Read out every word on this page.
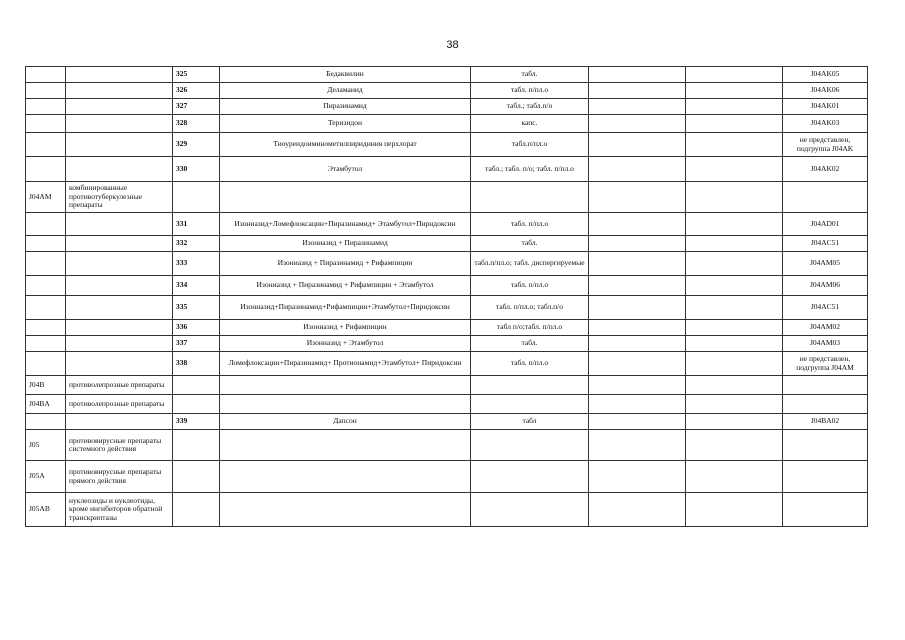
38
		325	Бедаквилин	табл.			J04AK05
		326	Деламанид	табл. п/пл.о			J04AK06
		327	Пиразинамид	табл.; табл.п/о			J04AK01
		328	Теризидон	капс.			J04AK03
		329	Тиоуреидоиминометилпиридиния перхлорат	табл.п/пл.о			не представлен, подгруппа J04AK
		330	Этамбутол	табл.; табл. п/о; табл. п/пл.о			J04AK02
J04AM	комбинированные противотуберкулезные препараты						
		331	Изониазид+Ломефлоксацин+Пиразинамид+ Этамбутол+Пиридоксин	табл. п/пл.о			J04AD01
		332	Изониазид + Пиразинамид	табл.			J04AC51
		333	Изониазид + Пиразинамид + Рифампицин	табл.п/пл.о; табл. диспергируемые			J04AM05
		334	Изониазид + Пиразинамид + Рифампицин + Этамбутол	табл. п/пл.о			J04AM06
		335	Изониазид+Пиразинамид+Рифампицин+Этамбутол+Пиридоксин	табл. п/пл.о; табл.п/о			J04AC51
		336	Изониазид + Рифампицин	табл п/о;табл. п/пл.о			J04AM02
		337	Изониазид + Этамбутол	табл.			J04AM03
		338	Ломефлоксацин+Пиразинамид+ Протионамид+Этамбутол+ Пиридоксин	табл. п/пл.о			не представлен, подгруппа J04AM
J04B	противолепрозные препараты						
J04BA	противолепрозные препараты						
		339	Дапсон	табл			J04BA02
J05	противовирусные препараты системного действия						
J05A	противовирусные препараты прямого действия						
J05AB	нуклеозиды и нуклеотиды, кроме ингибиторов обратной транскриптазы						
